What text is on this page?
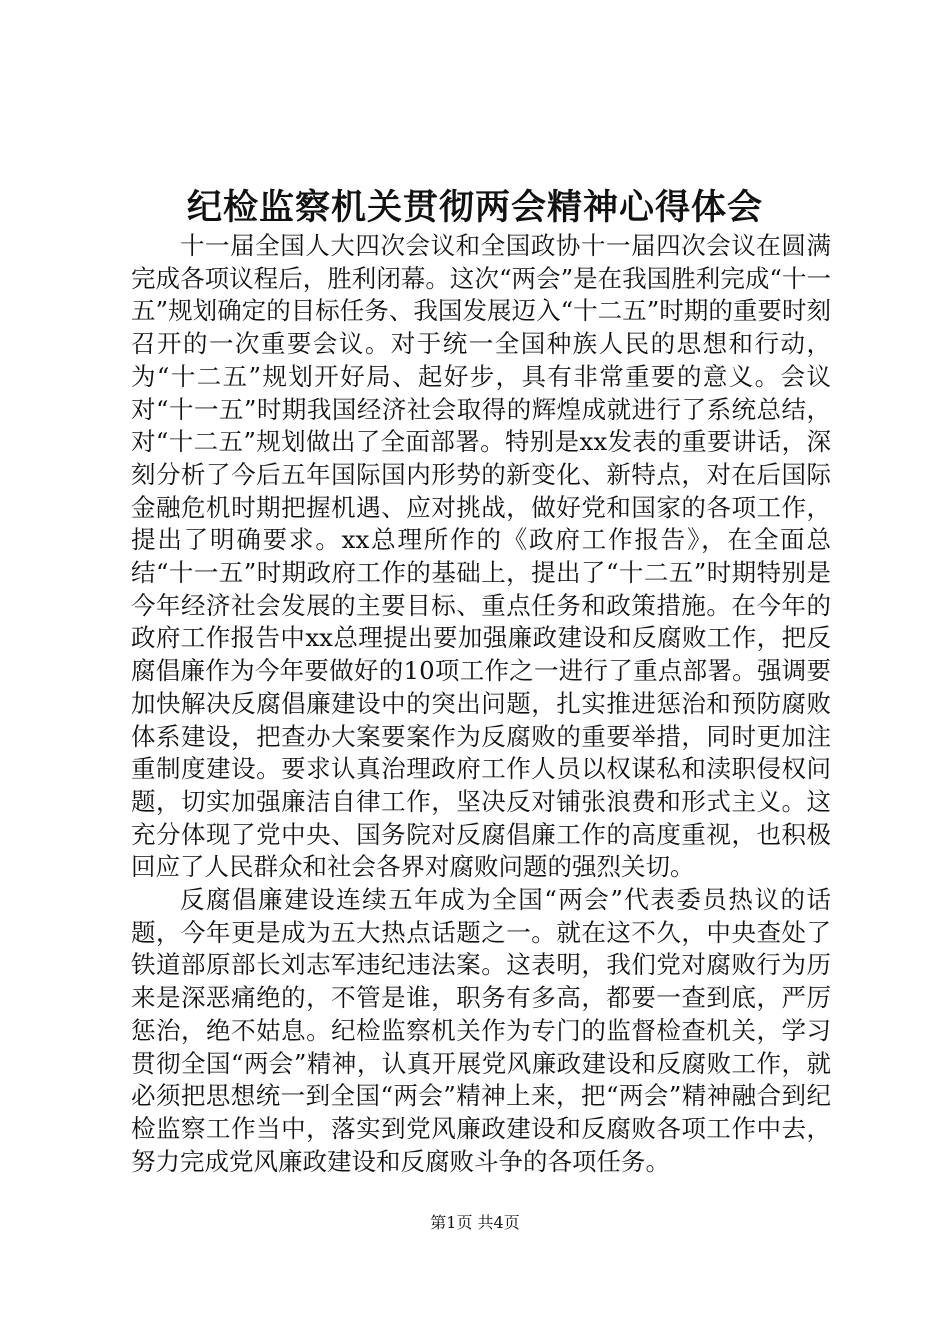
纪检监察机关贯彻两会精神心得体会

十一届全国人大四次会议和全国政协十一届四次会议在圆满完成各项议程后，胜利闭幕。这次“两会”是在我国胜利完成“十一五”规划确定的目标任务、我国发展迈入“十二五”时期的重要时刻召开的一次重要会议。对于统一全国种族人民的思想和行动，为“十二五”规划开好局、起好步，具有非常重要的意义。会议对“十一五”时期我国经济社会取得的辉煌成就进行了系统总结，对“十二五”规划做出了全面部署。特别是xx发表的重要讲话，深刻分析了今后五年国际国内形势的新变化、新特点，对在后国际金融危机时期把握机遇、应对挑战，做好党和国家的各项工作，提出了明确要求。xx总理所作的《政府工作报告》，在全面总结“十一五”时期政府工作的基础上，提出了“十二五”时期特别是今年经济社会发展的主要目标、重点任务和政策措施。在今年的政府工作报告中xx总理提出要加强廉政建设和反腐败工作，把反腐倡廉作为今年要做好的10项工作之一进行了重点部署。强调要加快解决反腐倡廉建设中的突出问题，扎实推进惩治和预防腐败体系建设，把查办大案要案作为反腐败的重要举措，同时更加注重制度建设。要求认真治理政府工作人员以权谋私和渎职侵权问题，切实加强廉洁自律工作，坚决反对铺张浪费和形式主义。这充分体现了党中央、国务院对反腐倡廉工作的高度重视，也积极回应了人民群众和社会各界对腐败问题的强烈关切。

反腐倡廉建设连续五年成为全国“两会”代表委员热议的话题，今年更是成为五大热点话题之一。就在这不久，中央查处了铁道部原部长刘志军违纪违法案。这表明，我们党对腐败行为历来是深恶痛绝的，不管是谁，职务有多高，都要一查到底，严厉惩治，绝不姑息。纪检监察机关作为专门的监督检查机关，学习贯彻全国“两会”精神，认真开展党风廉政建设和反腐败工作，就必须把思想统一到全国“两会”精神上来，把“两会”精神融合到纪检监察工作当中，落实到党风廉政建设和反腐败各项工作中去，努力完成党风廉政建设和反腐败斗争的各项任务。

第1页 共4页
